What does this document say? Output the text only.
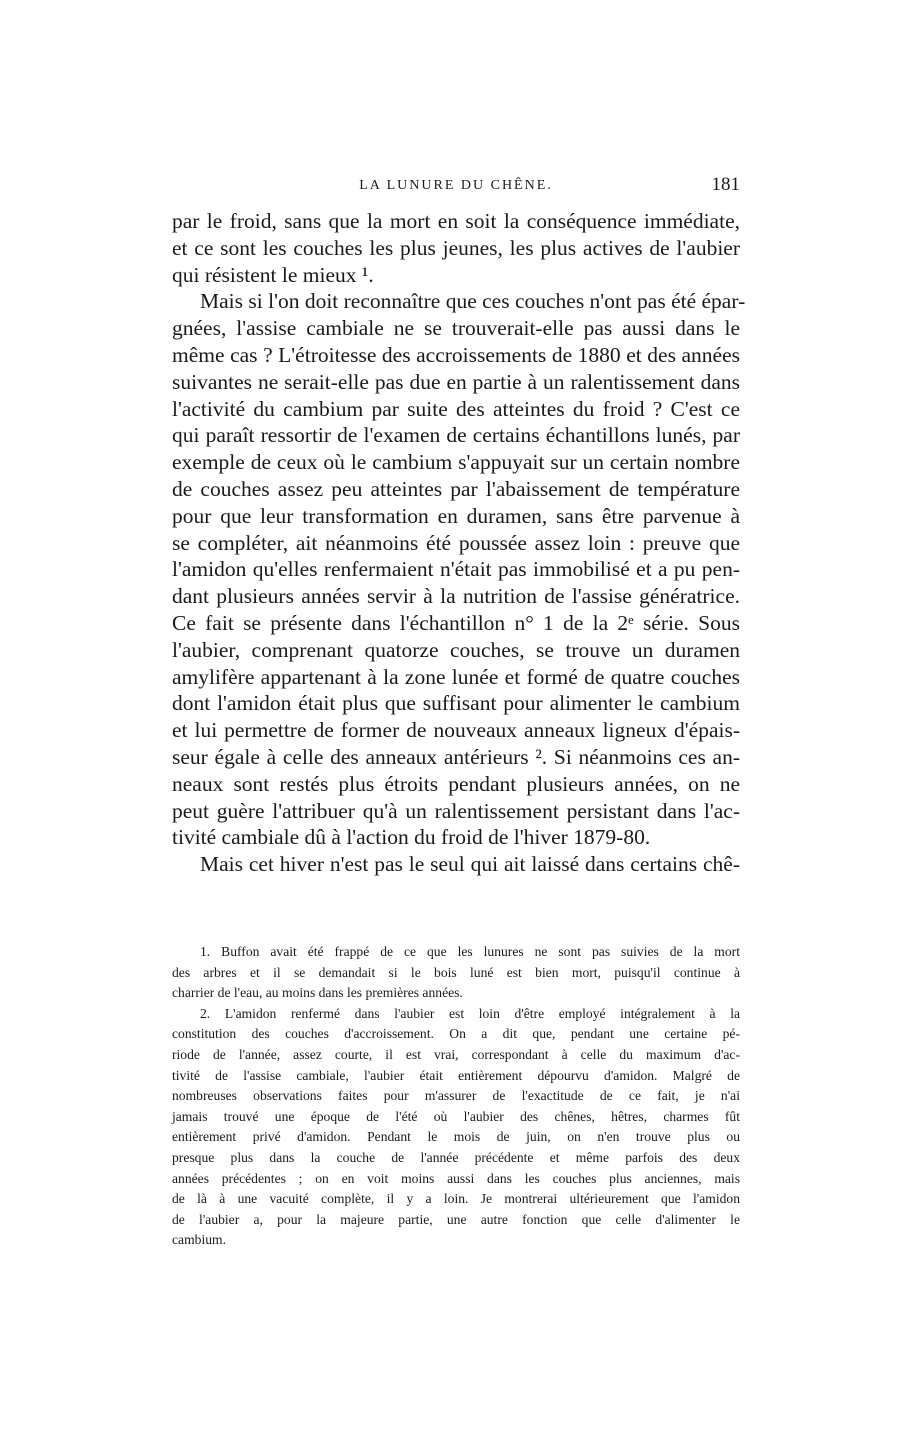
LA LUNURE DU CHÊNE.	181
par le froid, sans que la mort en soit la conséquence immédiate,
et ce sont les couches les plus jeunes, les plus actives de l'aubier
qui résistent le mieux ¹.
Mais si l'on doit reconnaître que ces couches n'ont pas été épar-
gnées, l'assise cambiale ne se trouverait-elle pas aussi dans le
même cas ? L'étroitesse des accroissements de 1880 et des années
suivantes ne serait-elle pas due en partie à un ralentissement dans
l'activité du cambium par suite des atteintes du froid ? C'est ce
qui paraît ressortir de l'examen de certains échantillons lunés, par
exemple de ceux où le cambium s'appuyait sur un certain nombre
de couches assez peu atteintes par l'abaissement de température
pour que leur transformation en duramen, sans être parvenue à
se compléter, ait néanmoins été poussée assez loin : preuve que
l'amidon qu'elles renfermaient n'était pas immobilisé et a pu pen-
dant plusieurs années servir à la nutrition de l'assise génératrice.
Ce fait se présente dans l'échantillon n° 1 de la 2ᵉ série. Sous
l'aubier, comprenant quatorze couches, se trouve un duramen
amylifère appartenant à la zone lunée et formé de quatre couches
dont l'amidon était plus que suffisant pour alimenter le cambium
et lui permettre de former de nouveaux anneaux ligneux d'épais-
seur égale à celle des anneaux antérieurs ². Si néanmoins ces an-
neaux sont restés plus étroits pendant plusieurs années, on ne
peut guère l'attribuer qu'à un ralentissement persistant dans l'ac-
tivité cambiale dû à l'action du froid de l'hiver 1879-80.
Mais cet hiver n'est pas le seul qui ait laissé dans certains chê-
1. Buffon avait été frappé de ce que les lunures ne sont pas suivies de la mort
des arbres et il se demandait si le bois luné est bien mort, puisqu'il continue à
charrier de l'eau, au moins dans les premières années.
2. L'amidon renfermé dans l'aubier est loin d'être employé intégralement à la
constitution des couches d'accroissement. On a dit que, pendant une certaine pé-
riode de l'année, assez courte, il est vrai, correspondant à celle du maximum d'ac-
tivité de l'assise cambiale, l'aubier était entièrement dépourvu d'amidon. Malgré de
nombreuses observations faites pour m'assurer de l'exactitude de ce fait, je n'ai
jamais trouvé une époque de l'été où l'aubier des chênes, hêtres, charmes fût
entièrement privé d'amidon. Pendant le mois de juin, on n'en trouve plus ou
presque plus dans la couche de l'année précédente et même parfois des deux
années précédentes ; on en voit moins aussi dans les couches plus anciennes, mais
de là à une vacuité complète, il y a loin. Je montrerai ultérieurement que l'amidon
de l'aubier a, pour la majeure partie, une autre fonction que celle d'alimenter le
cambium.
